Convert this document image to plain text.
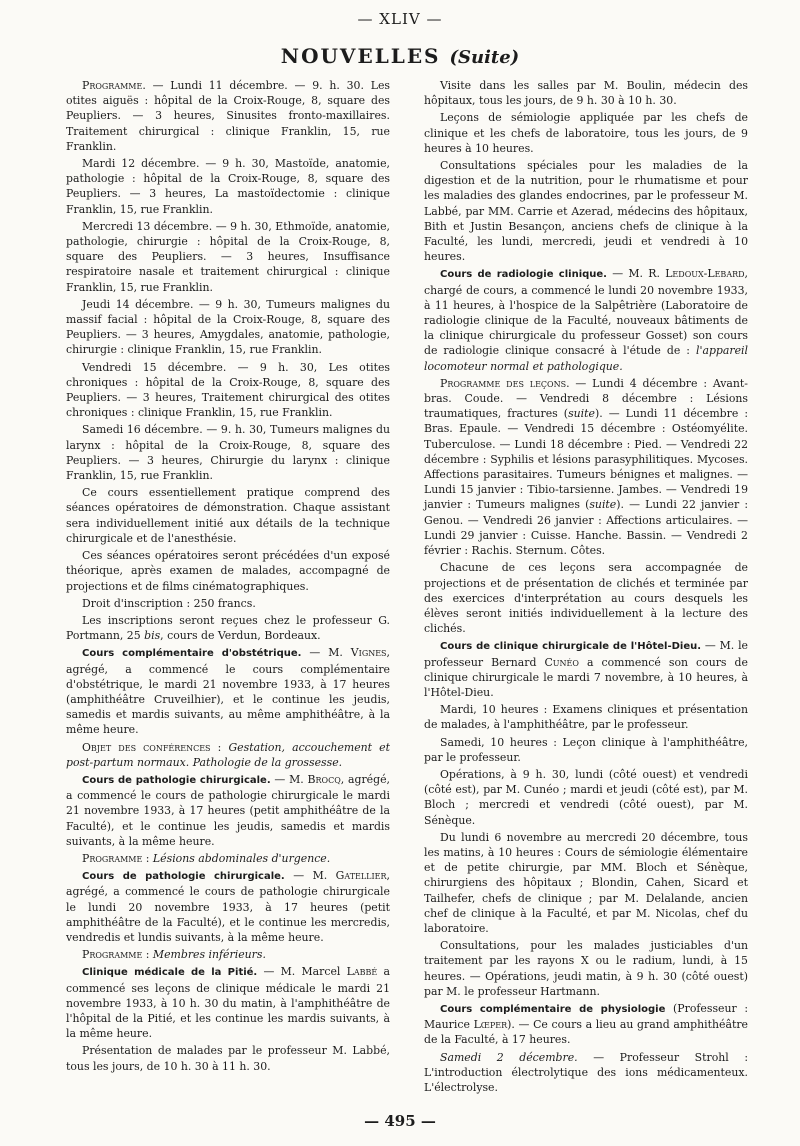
— XLIV —
NOUVELLES (Suite)

Programme. — Lundi 11 décembre. — 9. h. 30. Les otites aiguës : hôpital de la Croix-Rouge, 8, square des Peupliers. — 3 heures, Sinusites fronto-maxillaires. Traitement chirurgical : clinique Franklin, 15, rue Franklin.

Mardi 12 décembre. — 9 h. 30, Mastoïde, anatomie, pathologie : hôpital de la Croix-Rouge, 8, square des Peupliers. — 3 heures, La mastoïdectomie : clinique Franklin, 15, rue Franklin.

Mercredi 13 décembre. — 9 h. 30, Ethmoïde, anatomie, pathologie, chirurgie : hôpital de la Croix-Rouge, 8, square des Peupliers. — 3 heures, Insuffisance respiratoire nasale et traitement chirurgical : clinique Franklin, 15, rue Franklin.

Jeudi 14 décembre. — 9 h. 30, Tumeurs malignes du massif facial : hôpital de la Croix-Rouge, 8, square des Peupliers. — 3 heures, Amygdales, anatomie, pathologie, chirurgie : clinique Franklin, 15, rue Franklin.

Vendredi 15 décembre. — 9 h. 30, Les otites chroniques : hôpital de la Croix-Rouge, 8, square des Peupliers. — 3 heures, Traitement chirurgical des otites chroniques : clinique Franklin, 15, rue Franklin.

Samedi 16 décembre. — 9. h. 30, Tumeurs malignes du larynx : hôpital de la Croix-Rouge, 8, square des Peupliers. — 3 heures, Chirurgie du larynx : clinique Franklin, 15, rue Franklin.

Ce cours essentiellement pratique comprend des séances opératoires de démonstration. Chaque assistant sera individuellement initié aux détails de la technique chirurgicale et de l'anesthésie.

Ces séances opératoires seront précédées d'un exposé théorique, après examen de malades, accompagné de projections et de films cinématographiques.

Droit d'inscription : 250 francs.

Les inscriptions seront reçues chez le professeur G. Portmann, 25 bis, cours de Verdun, Bordeaux.

Cours complémentaire d'obstétrique. — M. Vignes, agrégé, a commencé le cours complémentaire d'obstétrique, le mardi 21 novembre 1933, à 17 heures (amphithéâtre Cruveilhier), et le continue les jeudis, samedis et mardis suivants, au même amphithéâtre, à la même heure.

Objet des conférences : Gestation, accouchement et post-partum normaux. Pathologie de la grossesse.

Cours de pathologie chirurgicale. — M. Brocq, agrégé, a commencé le cours de pathologie chirurgicale le mardi 21 novembre 1933, à 17 heures (petit amphithéâtre de la Faculté), et le continue les jeudis, samedis et mardis suivants, à la même heure.

Programme : Lésions abdominales d'urgence.

Cours de pathologie chirurgicale. — M. Gatellier, agrégé, a commencé le cours de pathologie chirurgicale le lundi 20 novembre 1933, à 17 heures (petit amphithéâtre de la Faculté), et le continue les mercredis, vendredis et lundis suivants, à la même heure.

Programme : Membres inférieurs.

Clinique médicale de la Pitié. — M. Marcel Labbé a commencé ses leçons de clinique médicale le mardi 21 novembre 1933, à 10 h. 30 du matin, à l'amphithéâtre de l'hôpital de la Pitié, et les continue les mardis suivants, à la même heure.

Présentation de malades par le professeur M. Labbé, tous les jours, de 10 h. 30 à 11 h. 30.

Visite dans les salles par M. Boulin, médecin des hôpitaux, tous les jours, de 9 h. 30 à 10 h. 30.

Leçons de sémiologie appliquée par les chefs de clinique et les chefs de laboratoire, tous les jours, de 9 heures à 10 heures.

Consultations spéciales pour les maladies de la digestion et de la nutrition, pour le rhumatisme et pour les maladies des glandes endocrines, par le professeur M. Labbé, par MM. Carrie et Azerad, médecins des hôpitaux, Bith et Justin Besançon, anciens chefs de clinique à la Faculté, les lundi, mercredi, jeudi et vendredi à 10 heures.

Cours de radiologie clinique. — M. R. Ledoux-Lebard, chargé de cours, a commencé le lundi 20 novembre 1933, à 11 heures, à l'hospice de la Salpêtrière (Laboratoire de radiologie clinique de la Faculté, nouveaux bâtiments de la clinique chirurgicale du professeur Gosset) son cours de radiologie clinique consacré à l'étude de : l'appareil locomoteur normal et pathologique.

Programme des leçons. — Lundi 4 décembre : Avant-bras. Coude. — Vendredi 8 décembre : Lésions traumatiques, fractures (suite). — Lundi 11 décembre : Bras. Epaule. — Vendredi 15 décembre : Ostéomyélite. Tuberculose. — Lundi 18 décembre : Pied. — Vendredi 22 décembre : Syphilis et lésions parasyphilitiques. Mycoses. Affections parasitaires. Tumeurs bénignes et malignes. — Lundi 15 janvier : Tibio-tarsienne. Jambes. — Vendredi 19 janvier : Tumeurs malignes (suite). — Lundi 22 janvier : Genou. — Vendredi 26 janvier : Affections articulaires. — Lundi 29 janvier : Cuisse. Hanche. Bassin. — Vendredi 2 février : Rachis. Sternum. Côtes.

Chacune de ces leçons sera accompagnée de projections et de présentation de clichés et terminée par des exercices d'interprétation au cours desquels les élèves seront initiés individuellement à la lecture des clichés.

Cours de clinique chirurgicale de l'Hôtel-Dieu. — M. le professeur Bernard Cunéo a commencé son cours de clinique chirurgicale le mardi 7 novembre, à 10 heures, à l'Hôtel-Dieu.

Mardi, 10 heures : Examens cliniques et présentation de malades, à l'amphithéâtre, par le professeur.

Samedi, 10 heures : Leçon clinique à l'amphithéâtre, par le professeur.

Opérations, à 9 h. 30, lundi (côté ouest) et vendredi (côté est), par M. Cunéo ; mardi et jeudi (côté est), par M. Bloch ; mercredi et vendredi (côté ouest), par M. Sénèque.

Du lundi 6 novembre au mercredi 20 décembre, tous les matins, à 10 heures : Cours de sémiologie élémentaire et de petite chirurgie, par MM. Bloch et Sénèque, chirurgiens des hôpitaux ; Blondin, Cahen, Sicard et Tailhefer, chefs de clinique ; par M. Delalande, ancien chef de clinique à la Faculté, et par M. Nicolas, chef du laboratoire.

Consultations, pour les malades justiciables d'un traitement par les rayons X ou le radium, lundi, à 15 heures. — Opérations, jeudi matin, à 9 h. 30 (côté ouest) par M. le professeur Hartmann.

Cours complémentaire de physiologie (Professeur : Maurice Lœper). — Ce cours a lieu au grand amphithéâtre de la Faculté, à 17 heures.

Samedi 2 décembre. — Professeur Strohl : L'introduction électrolytique des ions médicamenteux. L'électrolyse.

— 495 —
